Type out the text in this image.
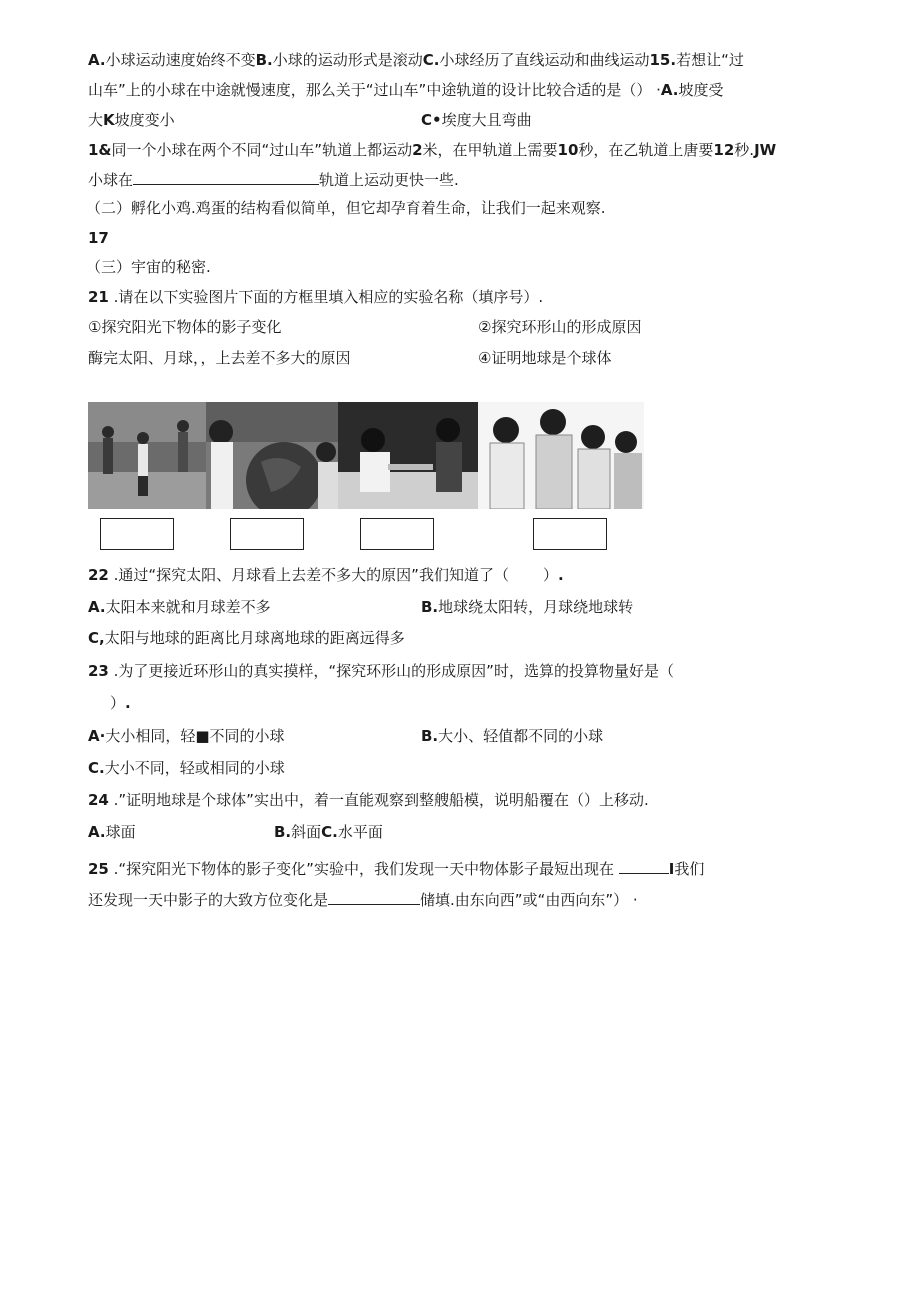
A.小球运动速度始终不变B.小球的运动形式是滚动C.小球经历了直线运动和曲线运动15.若想让“过
山车”上的小球在中途就慢速度，那么关于“过山车”中途轨道的设计比较合适的是（） ·A.坡度受
大K坡度变小	C•埃度大且弯曲
1&同一个小球在两个不同“过山车”轨道上都运动2米，在甲轨道上需要10秒，在乙轨道上唐要12秒.JW
小球在	轨道上运动更快一些.
（二）孵化小鸡.鸡蛋的结构看似简单，但它却孕育着生命，让我们一起来观察.
17
（三）宇宙的秘密.
21 .请在以下实验图片下面的方框里填入相应的实验名称（填序号）.
①探究阳光下物体的影子变化	②探究环形山的形成原因
酶完太阳、月球，，上去差不多大的原因	④证明地球是个球体
22 .通过“探究太阳、月球看上去差不多大的原因”我们知道了（ ）.
A.太阳本来就和月球差不多	B.地球绕太阳转，月球绕地球转
C,太阳与地球的距离比月球离地球的距离远得多
23 .为了更接近环形山的真实摸样，“探究环形山的形成原因”时，选算的投算物量好是（
）.
A·大小相同，轻■不同的小球	B.大小、轻值都不同的小球
C.大小不同，轻或相同的小球
24 .”证明地球是个球体”实出中，着一直能观察到整艘船模，说明船覆在（）上移动.
A.球面	B.斜面C.水平面
25 .“探究阳光下物体的影子变化”实验中，我们发现一天中物体影子最短出现在	I我们
还发现一天中影子的大致方位变化是	储填.由东向西”或“由西向东”） ·
